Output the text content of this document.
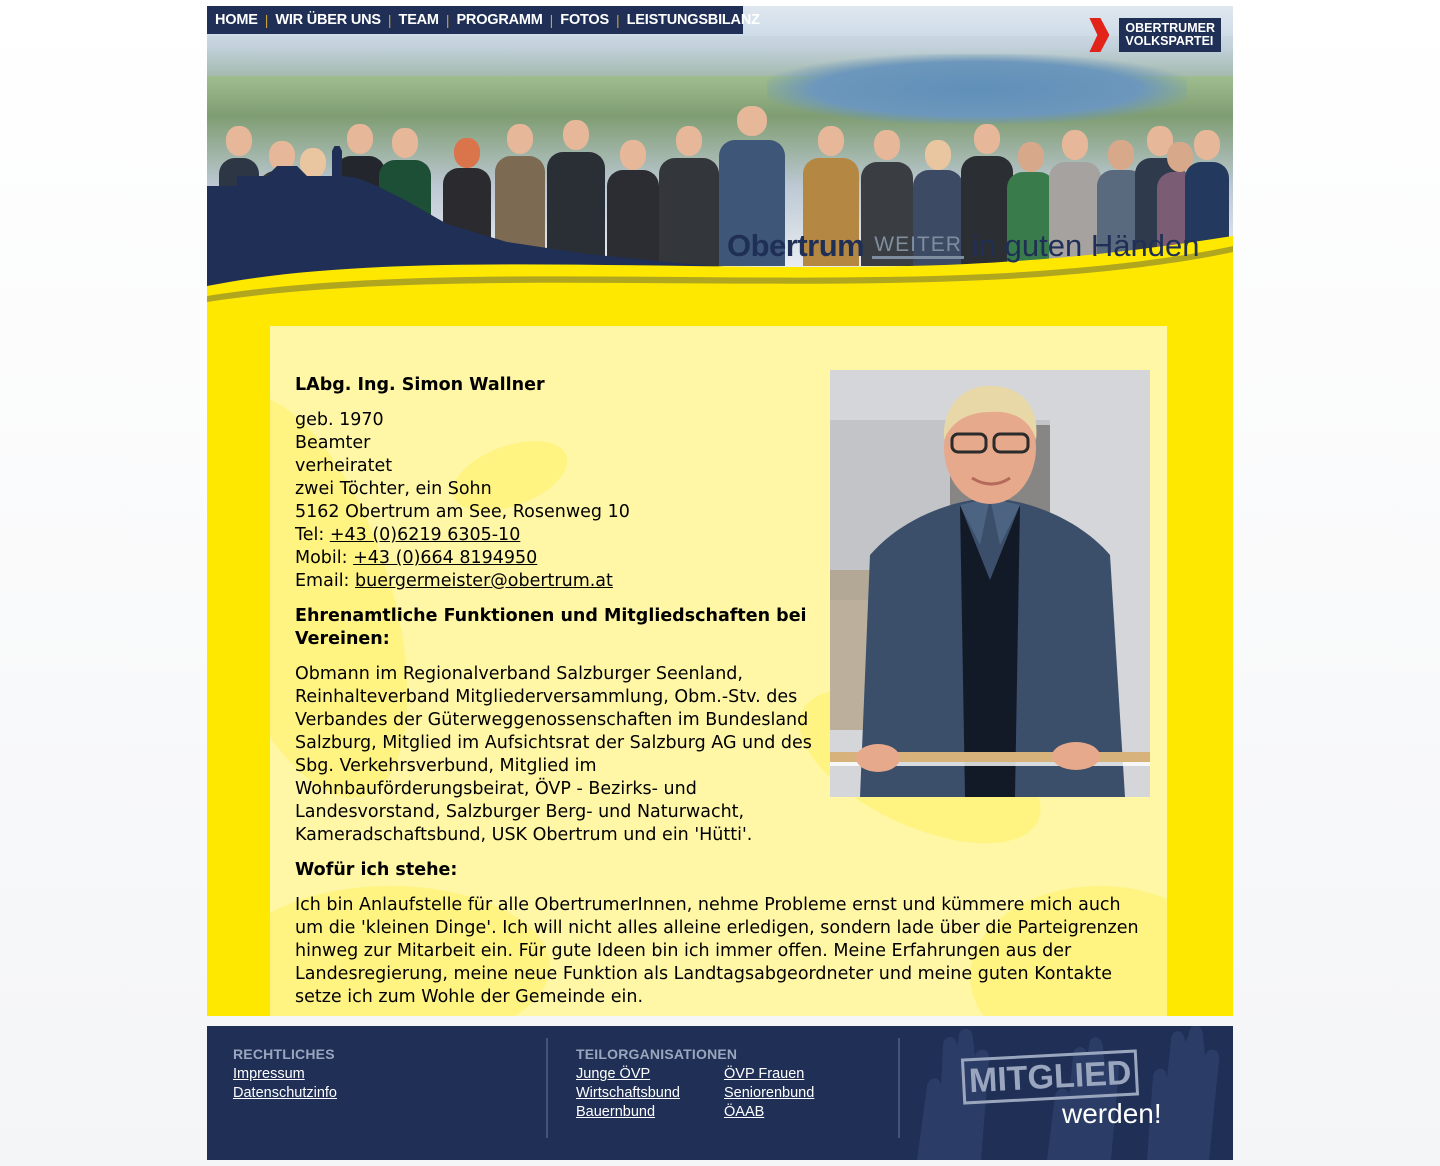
Obertrum WEITER in guten Händen
HOME | WIR ÜBER UNS | TEAM | PROGRAMM | FOTOS | LEISTUNGSBILANZ	OBERTRUMER
VOLKSPARTEI
LAbg. Ing. Simon Wallner
geb. 1970
Beamter
verheiratet
zwei Töchter, ein Sohn
5162 Obertrum am See, Rosenweg 10
Tel: +43 (0)6219 6305-10
Mobil: +43 (0)664 8194950
Email: buergermeister@obertrum.at
Ehrenamtliche Funktionen und Mitgliedschaften bei Vereinen:

Obmann im Regionalverband Salzburger Seenland, Reinhalteverband Mitgliederversammlung, Obm.-Stv. des Verbandes der Güterweggenossenschaften im Bundesland Salzburg, Mitglied im Aufsichtsrat der Salzburg AG und des Sbg. Verkehrsverbund, Mitglied im Wohnbauförderungsbeirat, ÖVP - Bezirks- und Landesvorstand, Salzburger Berg- und Naturwacht, Kameradschaftsbund, USK Obertrum und ein 'Hütti'.

Wofür ich stehe:

Ich bin Anlaufstelle für alle ObertrumerInnen, nehme Probleme ernst und kümmere mich auch um die 'kleinen Dinge'. Ich will nicht alles alleine erledigen, sondern lade über die Parteigrenzen hinweg zur Mitarbeit ein. Für gute Ideen bin ich immer offen. Meine Erfahrungen aus der Landesregierung, meine neue Funktion als Landtagsabgeordneter und meine guten Kontakte setze ich zum Wohle der Gemeinde ein.

RECHTLICHES
Impressum
Datenschutzinfo
TEILORGANISATIONEN
Junge ÖVP	ÖVP Frauen
Wirtschaftsbund	Seniorenbund
Bauernbund	ÖAAB
MITGLIED
werden!
